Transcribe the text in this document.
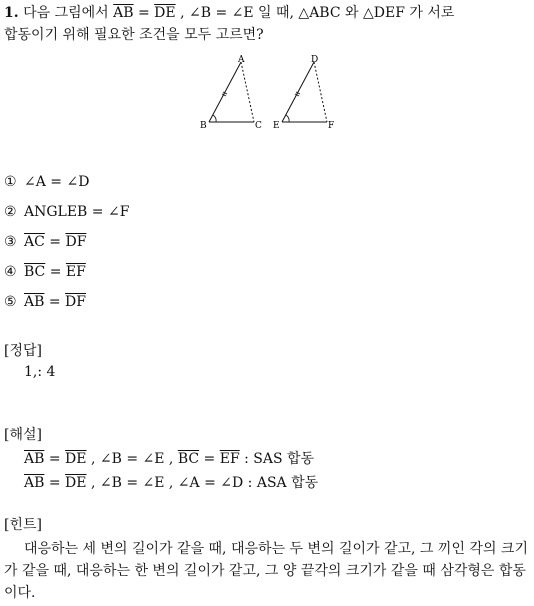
1. 다음 그림에서 $\overline{AB} = \overline{DE}$ , ∠B = ∠E 일 때, △ABC 와 △DEF 가 서로
합동이기 위해 필요한 조건을 모두 고르면?
A
B	C
D
E	F
① ∠A = ∠D
② ANGLEB = ∠F
③ $\overline{AC} = \overline{DF}$
④ $\overline{BC} = \overline{EF}$
⑤ $\overline{AB} = \overline{DF}$
[정답]
1,: 4
[해설]
$\overline{AB} = \overline{DE}$ , ∠B = ∠E , $\overline{BC} = \overline{EF}$ : SAS 합동
$\overline{AB} = \overline{DE}$ , ∠B = ∠E , ∠A = ∠D : ASA 합동
[힌트]
대응하는 세 변의 길이가 같을 때, 대응하는 두 변의 길이가 같고, 그 끼인 각의 크기가 같을 때, 대응하는 한 변의 길이가 같고, 그 양 끝각의 크기가 같을 때 삼각형은 합동이다.
